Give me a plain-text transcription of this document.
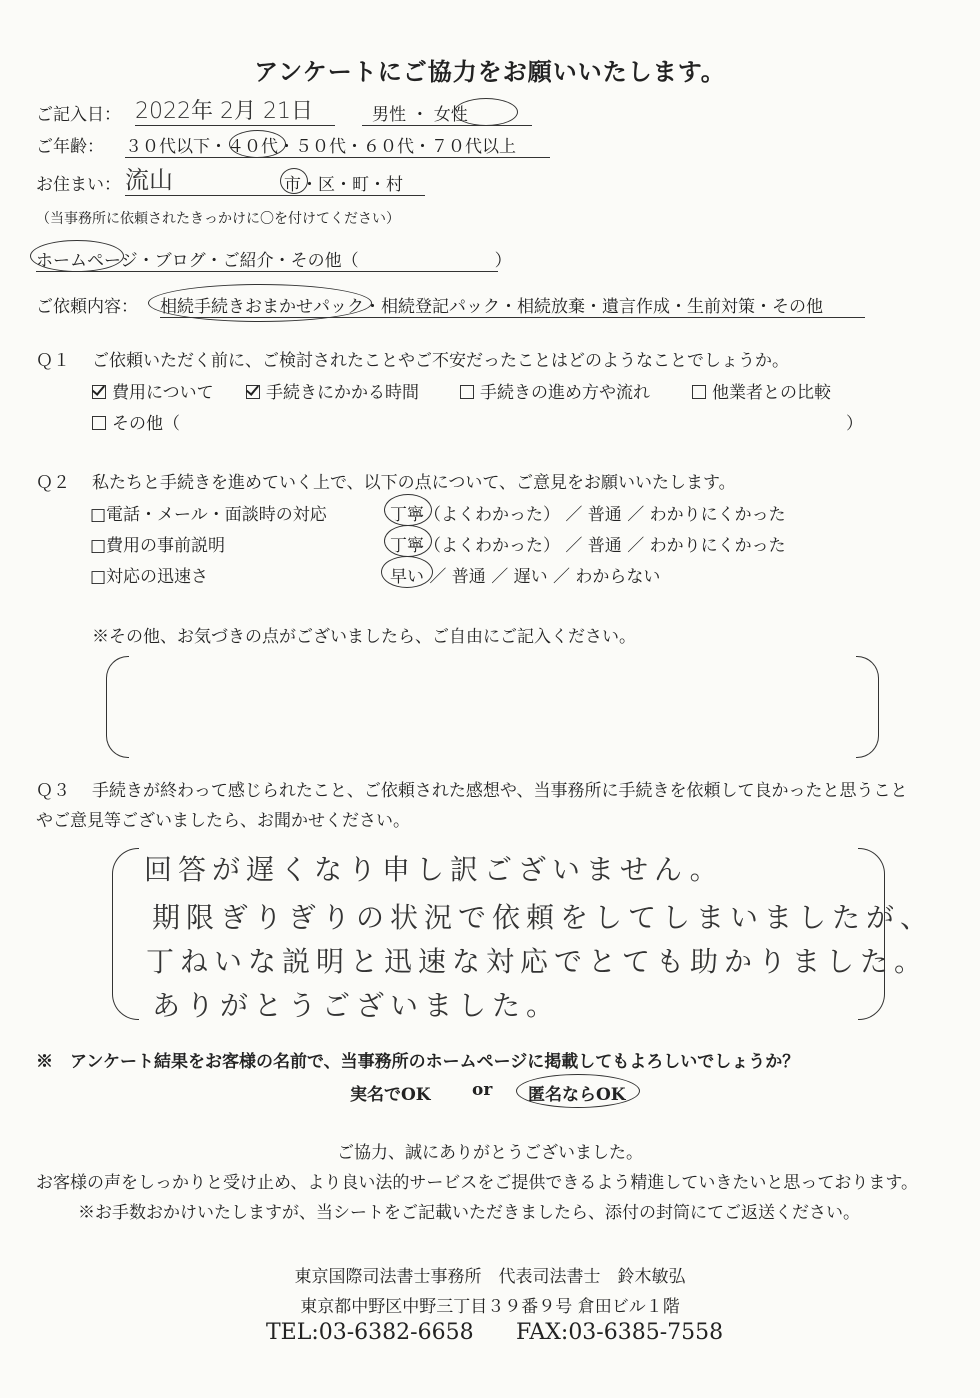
アンケートにご協力をお願いいたします。
ご記入日： 2022年 2月 21日	男性 ・ 女性
ご年齢： ３０代以下・４０代・５０代・６０代・７０代以上
お住まい： 流山	市・区・町・村
（当事務所に依頼されたきっかけに〇を付けてください）
ホームページ・ブログ・ご紹介・その他（　　　　　　　　）
ご依頼内容： 相続手続きおまかせパック・相続登記パック・相続放棄・遺言作成・生前対策・その他
Ｑ１ ご依頼いただく前に、ご検討されたことやご不安だったことはどのようなことでしょうか。
費用について	手続きにかかる時間	手続きの進め方や流れ	他業者との比較
その他（	）
Ｑ２ 私たちと手続きを進めていく上で、以下の点について、ご意見をお願いいたします。
□電話・メール・面談時の対応	丁寧（よくわかった） ／ 普通 ／ わかりにくかった
□費用の事前説明	丁寧（よくわかった） ／ 普通 ／ わかりにくかった
□対応の迅速さ	早い ／ 普通 ／ 遅い ／ わからない
※その他、お気づきの点がございましたら、ご自由にご記入ください。
Ｑ３ 手続きが終わって感じられたこと、ご依頼された感想や、当事務所に手続きを依頼して良かったと思うこと
やご意見等ございましたら、お聞かせください。
回答が遅くなり申し訳ございません。
期限ぎりぎりの状況で依頼をしてしまいましたが、
丁ねいな説明と迅速な対応でとても助かりました。
ありがとうございました。
※　アンケート結果をお客様の名前で、当事務所のホームページに掲載してもよろしいでしょうか？
実名でOK or 匿名ならOK
ご協力、誠にありがとうございました。
お客様の声をしっかりと受け止め、より良い法的サービスをご提供できるよう精進していきたいと思っております。
※お手数おかけいたしますが、当シートをご記載いただきましたら、添付の封筒にてご返送ください。
東京国際司法書士事務所　代表司法書士　鈴木敏弘
東京都中野区中野三丁目３９番９号 倉田ビル１階
TEL:03-6382-6658 FAX:03-6385-7558
